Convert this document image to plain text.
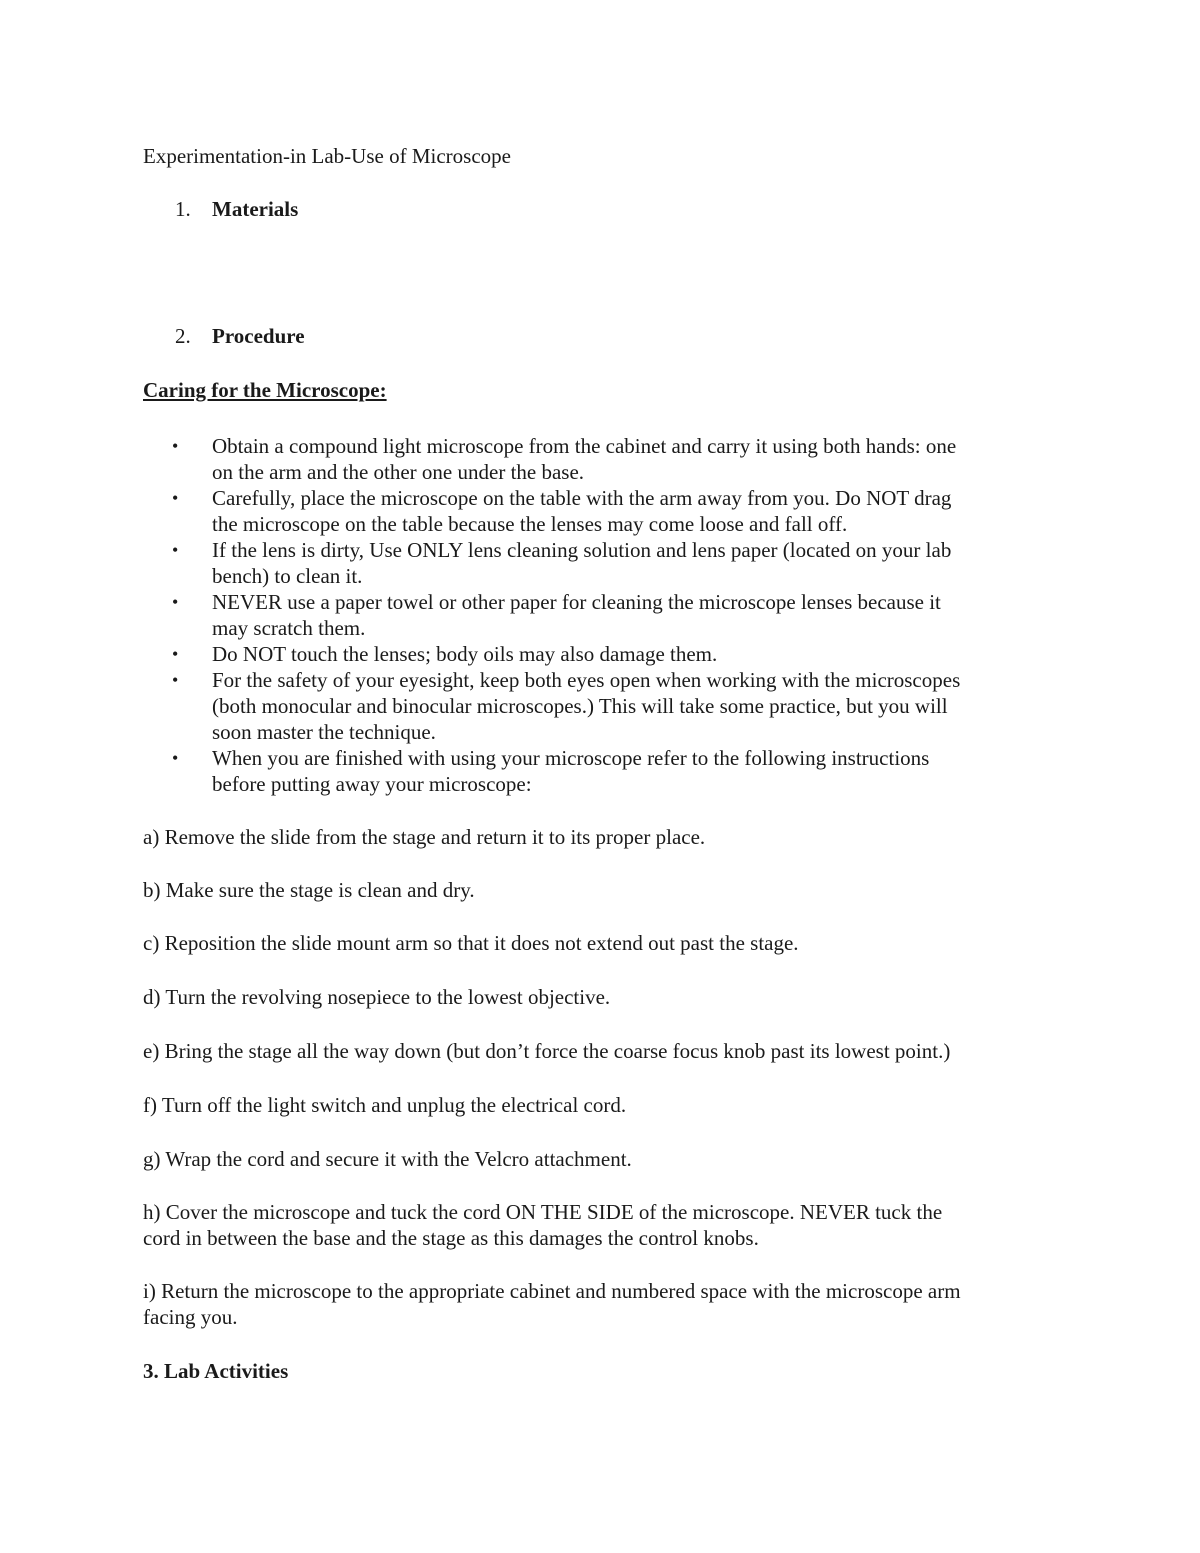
Experimentation-in Lab-Use of Microscope
1. Materials
2. Procedure
Caring for the Microscope:
•	Obtain a compound light microscope from the cabinet and carry it using both hands: one
on the arm and the other one under the base.
•	Carefully, place the microscope on the table with the arm away from you. Do NOT drag
the microscope on the table because the lenses may come loose and fall off.
•	If the lens is dirty, Use ONLY lens cleaning solution and lens paper (located on your lab
bench) to clean it.
•	NEVER use a paper towel or other paper for cleaning the microscope lenses because it
may scratch them.
•	Do NOT touch the lenses; body oils may also damage them.
•	For the safety of your eyesight, keep both eyes open when working with the microscopes
(both monocular and binocular microscopes.) This will take some practice, but you will
soon master the technique.
•	When you are finished with using your microscope refer to the following instructions
before putting away your microscope:
a) Remove the slide from the stage and return it to its proper place.
b) Make sure the stage is clean and dry.
c) Reposition the slide mount arm so that it does not extend out past the stage.
d) Turn the revolving nosepiece to the lowest objective.
e) Bring the stage all the way down (but don’t force the coarse focus knob past its lowest point.)
f) Turn off the light switch and unplug the electrical cord.
g) Wrap the cord and secure it with the Velcro attachment.
h) Cover the microscope and tuck the cord ON THE SIDE of the microscope. NEVER tuck the
cord in between the base and the stage as this damages the control knobs.
i) Return the microscope to the appropriate cabinet and numbered space with the microscope arm
facing you.
3. Lab Activities
